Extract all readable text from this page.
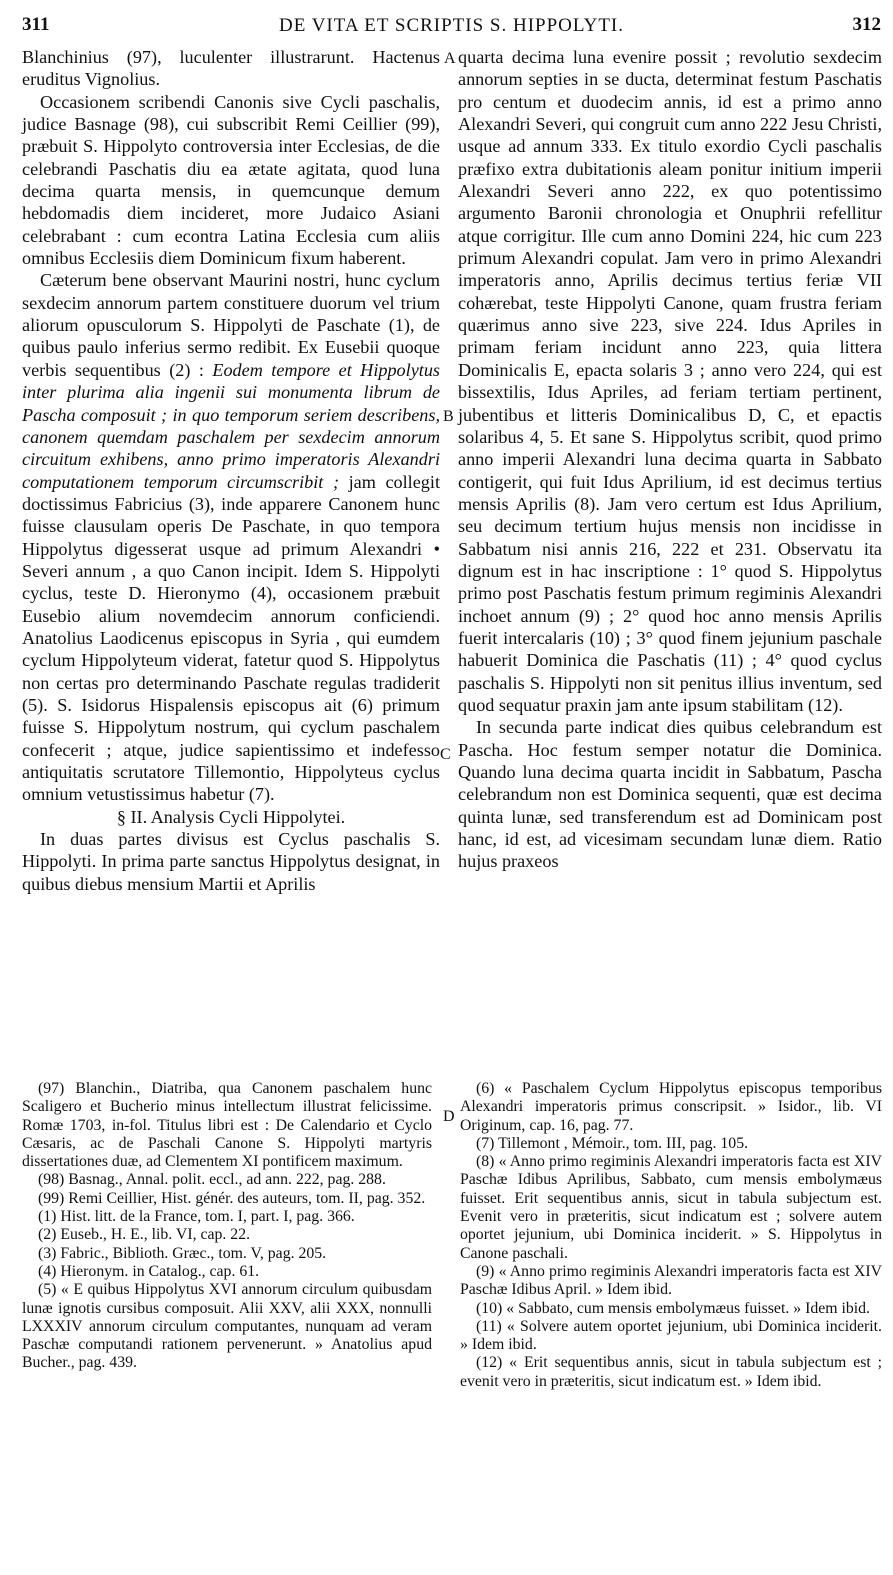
311	DE VITA ET SCRIPTIS S. HIPPOLYTI.	312

Blanchinius (97), luculenter illustrarunt. Hactenus eruditus Vignolius.

Occasionem scribendi Canonis sive Cycli paschalis, judice Basnage (98), cui subscribit Remi Ceillier (99), præbuit S. Hippolyto controversia inter Ecclesias, de die celebrandi Paschatis diu ea ætate agitata, quod luna decima quarta mensis, in quemcunque demum hebdomadis diem incideret, more Judaico Asiani celebrabant : cum econtra Latina Ecclesia cum aliis omnibus Ecclesiis diem Dominicum fixum haberent.

Cæterum bene observant Maurini nostri, hunc cyclum sexdecim annorum partem constituere duorum vel trium aliorum opusculorum S. Hippolyti de Paschate (1), de quibus paulo inferius sermo redibit. Ex Eusebii quoque verbis sequentibus (2) : Eodem tempore et Hippolytus inter plurima alia ingenii sui monumenta librum de Pascha composuit ; in quo temporum seriem describens, canonem quemdam paschalem per sexdecim annorum circuitum exhibens, anno primo imperatoris Alexandri computationem temporum circumscribit ; jam collegit doctissimus Fabricius (3), inde apparere Canonem hunc fuisse clausulam operis De Paschate, in quo tempora Hippolytus digesserat usque ad primum Alexandri • Severi annum , a quo Canon incipit. Idem S. Hippolyti cyclus, teste D. Hieronymo (4), occasionem præbuit Eusebio alium novemdecim annorum conficiendi. Anatolius Laodicenus episcopus in Syria , qui eumdem cyclum Hippolyteum viderat, fatetur quod S. Hippolytus non certas pro determinando Paschate regulas tradiderit (5). S. Isidorus Hispalensis episcopus ait (6) primum fuisse S. Hippolytum nostrum, qui cyclum paschalem confecerit ; atque, judice sapientissimo et indefesso antiquitatis scrutatore Tillemontio, Hippolyteus cyclus omnium vetustissimus habetur (7).

§ II. Analysis Cycli Hippolytei.

In duas partes divisus est Cyclus paschalis S. Hippolyti. In prima parte sanctus Hippolytus designat, in quibus diebus mensium Martii et Aprilis

A
B
C
D

quarta decima luna evenire possit ; revolutio sexdecim annorum septies in se ducta, determinat festum Paschatis pro centum et duodecim annis, id est a primo anno Alexandri Severi, qui congruit cum anno 222 Jesu Christi, usque ad annum 333. Ex titulo exordio Cycli paschalis præfixo extra dubitationis aleam ponitur initium imperii Alexandri Severi anno 222, ex quo potentissimo argumento Baronii chronologia et Onuphrii refellitur atque corrigitur. Ille cum anno Domini 224, hic cum 223 primum Alexandri copulat. Jam vero in primo Alexandri imperatoris anno, Aprilis decimus tertius feriæ VII cohærebat, teste Hippolyti Canone, quam frustra feriam quærimus anno sive 223, sive 224. Idus Apriles in primam feriam incidunt anno 223, quia littera Dominicalis E, epacta solaris 3 ; anno vero 224, qui est bissextilis, Idus Apriles, ad feriam tertiam pertinent, jubentibus et litteris Dominicalibus D, C, et epactis solaribus 4, 5. Et sane S. Hippolytus scribit, quod primo anno imperii Alexandri luna decima quarta in Sabbato contigerit, qui fuit Idus Aprilium, id est decimus tertius mensis Aprilis (8). Jam vero certum est Idus Aprilium, seu decimum tertium hujus mensis non incidisse in Sabbatum nisi annis 216, 222 et 231. Observatu ita dignum est in hac inscriptione : 1° quod S. Hippolytus primo post Paschatis festum primum regiminis Alexandri inchoet annum (9) ; 2° quod hoc anno mensis Aprilis fuerit intercalaris (10) ; 3° quod finem jejunium paschale habuerit Dominica die Paschatis (11) ; 4° quod cyclus paschalis S. Hippolyti non sit penitus illius inventum, sed quod sequatur praxin jam ante ipsum stabilitam (12).

In secunda parte indicat dies quibus celebrandum est Pascha. Hoc festum semper notatur die Dominica. Quando luna decima quarta incidit in Sabbatum, Pascha celebrandum non est Dominica sequenti, quæ est decima quinta lunæ, sed transferendum est ad Dominicam post hanc, id est, ad vicesimam secundam lunæ diem. Ratio hujus praxeos

(97) Blanchin., Diatriba, qua Canonem paschalem hunc Scaligero et Bucherio minus intellectum illustrat felicissime. Romæ 1703, in-fol. Titulus libri est : De Calendario et Cyclo Cæsaris, ac de Paschali Canone S. Hippolyti martyris dissertationes duæ, ad Clementem XI pontificem maximum.

(98) Basnag., Annal. polit. eccl., ad ann. 222, pag. 288.

(99) Remi Ceillier, Hist. génér. des auteurs, tom. II, pag. 352.

(1) Hist. litt. de la France, tom. I, part. I, pag. 366.

(2) Euseb., H. E., lib. VI, cap. 22.

(3) Fabric., Biblioth. Græc., tom. V, pag. 205.

(4) Hieronym. in Catalog., cap. 61.

(5) « E quibus Hippolytus XVI annorum circulum quibusdam lunæ ignotis cursibus composuit. Alii XXV, alii XXX, nonnulli LXXXIV annorum circulum computantes, nunquam ad veram Paschæ computandi rationem pervenerunt. » Anatolius apud Bucher., pag. 439.

(6) « Paschalem Cyclum Hippolytus episcopus temporibus Alexandri imperatoris primus conscripsit. » Isidor., lib. VI Originum, cap. 16, pag. 77.

(7) Tillemont , Mémoir., tom. III, pag. 105.

(8) « Anno primo regiminis Alexandri imperatoris facta est XIV Paschæ Idibus Aprilibus, Sabbato, cum mensis embolymæus fuisset. Erit sequentibus annis, sicut in tabula subjectum est. Evenit vero in præteritis, sicut indicatum est ; solvere autem oportet jejunium, ubi Dominica inciderit. » S. Hippolytus in Canone paschali.

(9) « Anno primo regiminis Alexandri imperatoris facta est XIV Paschæ Idibus April. » Idem ibid.

(10) « Sabbato, cum mensis embolymæus fuisset. » Idem ibid.

(11) « Solvere autem oportet jejunium, ubi Dominica inciderit. » Idem ibid.

(12) « Erit sequentibus annis, sicut in tabula subjectum est ; evenit vero in præteritis, sicut indicatum est. » Idem ibid.
